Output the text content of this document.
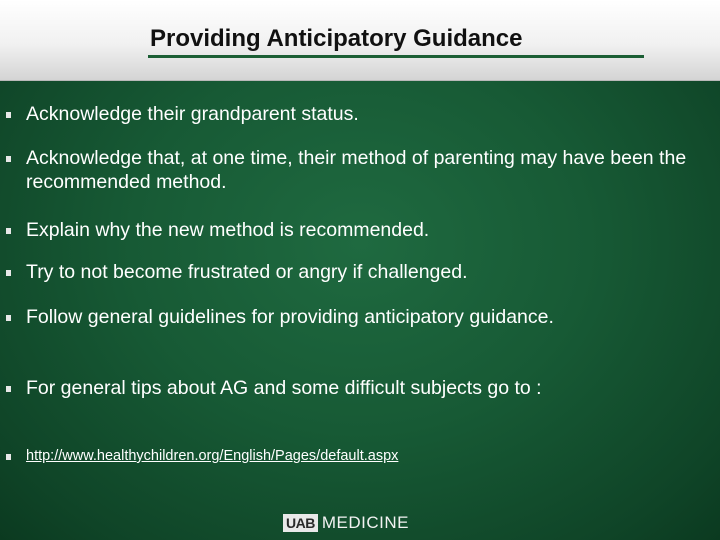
Providing Anticipatory Guidance
Acknowledge their grandparent status.
Acknowledge that, at one time, their method of parenting may have been the recommended method.
Explain why the new method is recommended.
Try to not become frustrated or angry if challenged.
Follow general guidelines for providing anticipatory guidance.
For general tips about AG and some difficult subjects go to :
http://www.healthychildren.org/English/Pages/default.aspx
UAB MEDICINE
